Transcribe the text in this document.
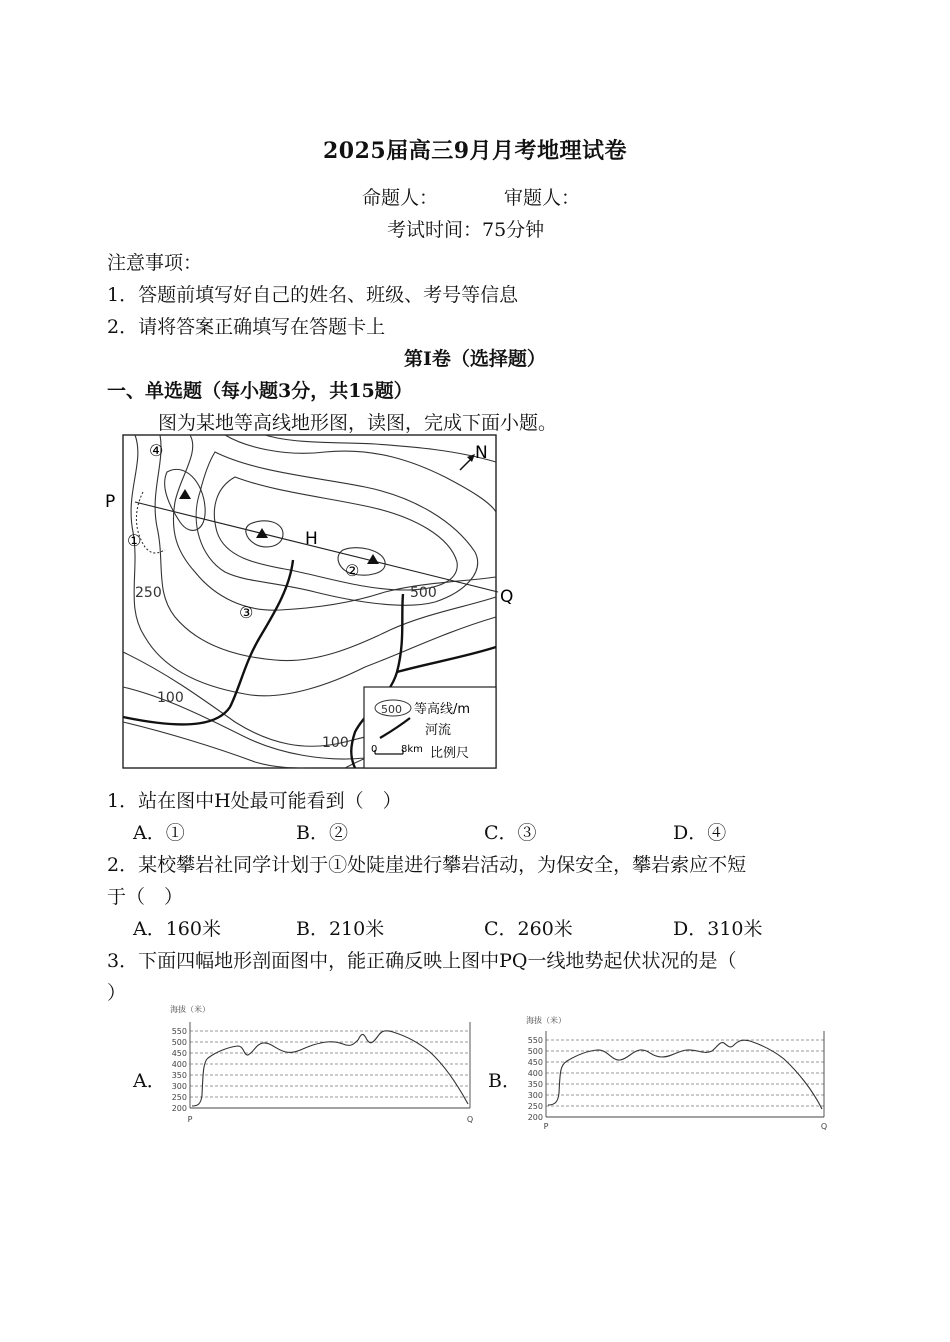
2025届高三9月月考地理试卷
命题人：	审题人：
考试时间：75分钟
注意事项：
1．答题前填写好自己的姓名、班级、考号等信息
2．请将答案正确填写在答题卡上
第Ⅰ卷（选择题）
一、单选题（每小题3分，共15题）
图为某地等高线地形图，读图，完成下面小题。
P
Q
H
N
①
②
③
④
250	500
100
100
500 等高线/m
河流
0 8km 比例尺
1．站在图中H处最可能看到（　）
A．①	B．②	C．③	D．④
2．某校攀岩社同学计划于①处陡崖进行攀岩活动，为保安全，攀岩索应不短
于（　）
A．160米	B．210米	C．260米	D．310米
3．下面四幅地形剖面图中，能正确反映上图中PQ一线地势起伏状况的是（
）
A．	B．
海拔（米）
550
500
450
400
350
300
250
200
P	Q
海拔（米）
550
500
450
400
350
300
250
200
P	Q
